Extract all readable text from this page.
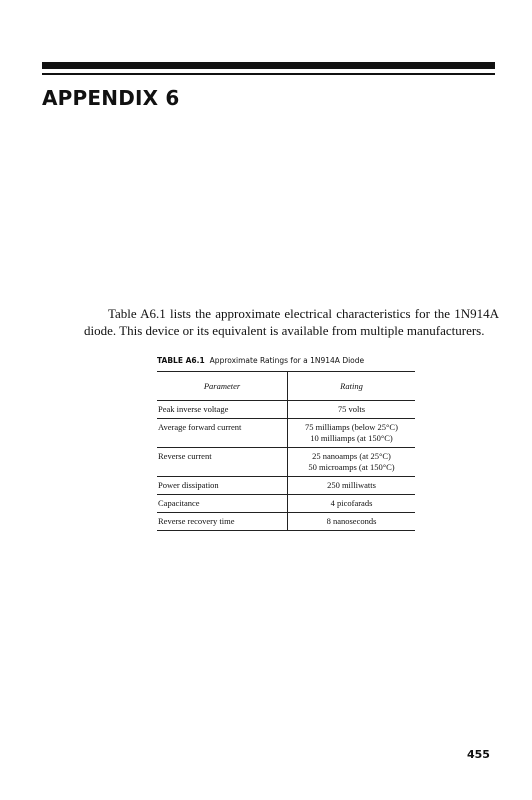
APPENDIX 6

Table A6.1 lists the approximate electrical characteristics for the 1N914A
diode. This device or its equivalent is available from multiple manufacturers.

TABLE A6.1 Approximate Ratings for a 1N914A Diode

Parameter	Rating
Peak inverse voltage	75 volts

Average forward current	75 milliamps (below 25°C)
10 milliamps (at 150°C)

Reverse current	25 nanoamps (at 25°C)
50 microamps (at 150°C)

Power dissipation	250 milliwatts

Capacitance	4 picofarads

Reverse recovery time	8 nanoseconds

455
